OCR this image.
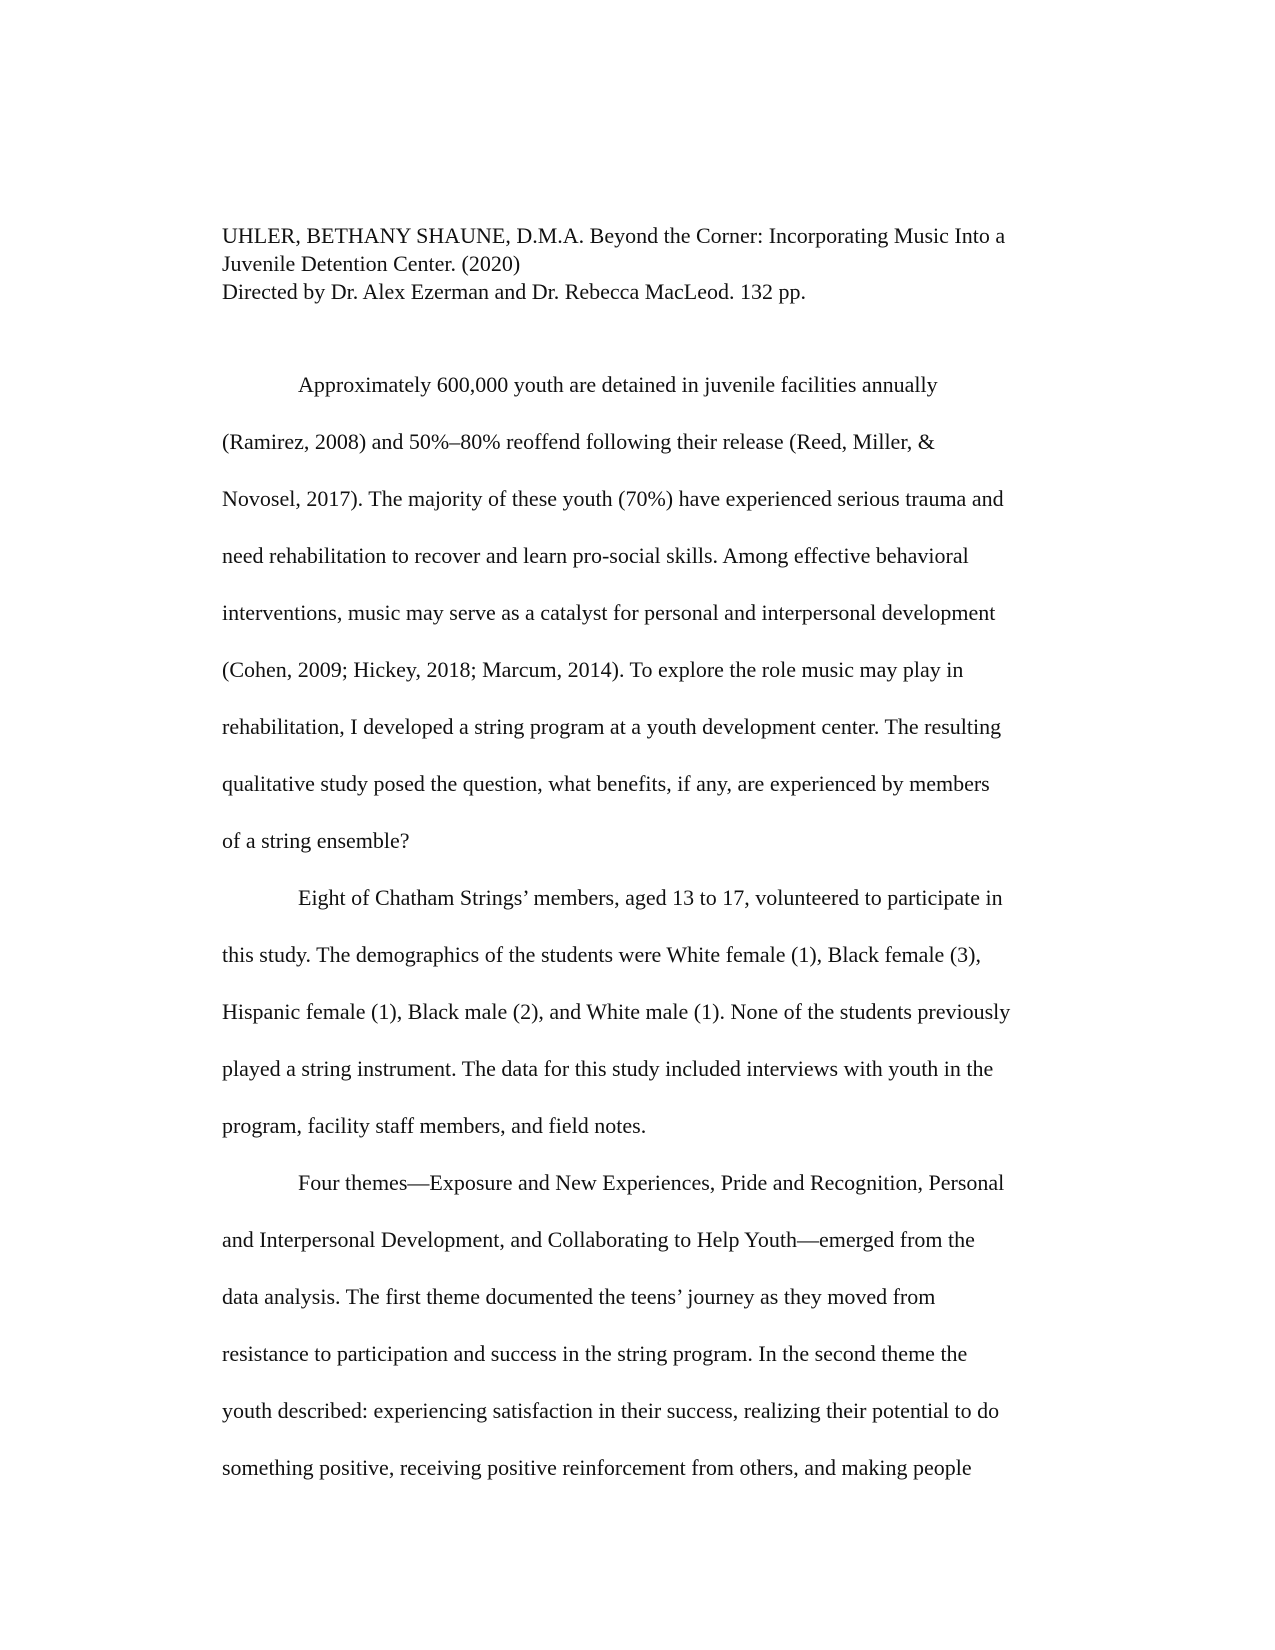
UHLER, BETHANY SHAUNE, D.M.A. Beyond the Corner: Incorporating Music Into a
Juvenile Detention Center. (2020)
Directed by Dr. Alex Ezerman and Dr. Rebecca MacLeod. 132 pp.
Approximately 600,000 youth are detained in juvenile facilities annually
(Ramirez, 2008) and 50%–80% reoffend following their release (Reed, Miller, &
Novosel, 2017). The majority of these youth (70%) have experienced serious trauma and
need rehabilitation to recover and learn pro-social skills. Among effective behavioral
interventions, music may serve as a catalyst for personal and interpersonal development
(Cohen, 2009; Hickey, 2018; Marcum, 2014). To explore the role music may play in
rehabilitation, I developed a string program at a youth development center. The resulting
qualitative study posed the question, what benefits, if any, are experienced by members
of a string ensemble?
Eight of Chatham Strings’ members, aged 13 to 17, volunteered to participate in
this study. The demographics of the students were White female (1), Black female (3),
Hispanic female (1), Black male (2), and White male (1). None of the students previously
played a string instrument. The data for this study included interviews with youth in the
program, facility staff members, and field notes.
Four themes—Exposure and New Experiences, Pride and Recognition, Personal
and Interpersonal Development, and Collaborating to Help Youth—emerged from the
data analysis. The first theme documented the teens’ journey as they moved from
resistance to participation and success in the string program. In the second theme the
youth described: experiencing satisfaction in their success, realizing their potential to do
something positive, receiving positive reinforcement from others, and making people
